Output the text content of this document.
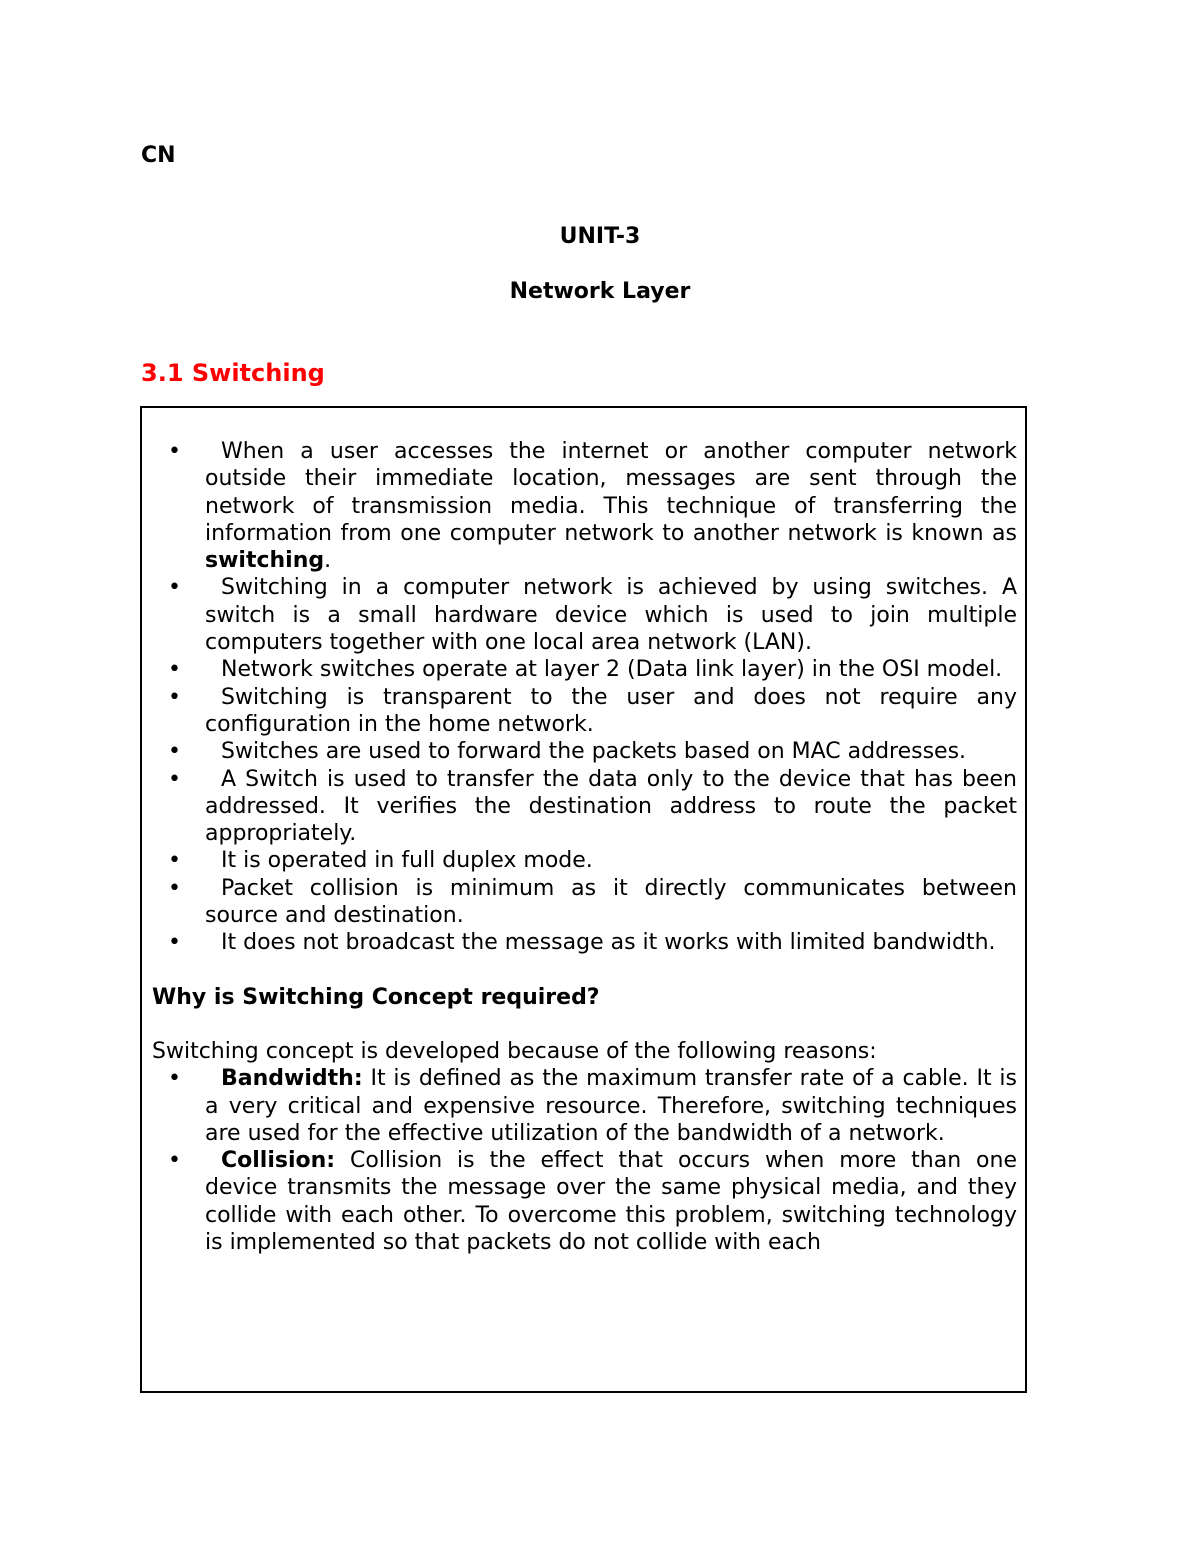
CN
UNIT-3
Network Layer
3.1 Switching
• When a user accesses the internet or another computer network outside their immediate location, messages are sent through the network of transmission media. This technique of transferring the information from one computer network to another network is known as switching.
• Switching in a computer network is achieved by using switches. A switch is a small hardware device which is used to join multiple computers together with one local area network (LAN).
• Network switches operate at layer 2 (Data link layer) in the OSI model.
• Switching is transparent to the user and does not require any configuration in the home network.
• Switches are used to forward the packets based on MAC addresses.
• A Switch is used to transfer the data only to the device that has been addressed. It verifies the destination address to route the packet appropriately.
• It is operated in full duplex mode.
• Packet collision is minimum as it directly communicates between source and destination.
• It does not broadcast the message as it works with limited bandwidth.
Why is Switching Concept required?
Switching concept is developed because of the following reasons:
• Bandwidth: It is defined as the maximum transfer rate of a cable. It is a very critical and expensive resource. Therefore, switching techniques are used for the effective utilization of the bandwidth of a network.
• Collision: Collision is the effect that occurs when more than one device transmits the message over the same physical media, and they collide with each other. To overcome this problem, switching technology is implemented so that packets do not collide with each
